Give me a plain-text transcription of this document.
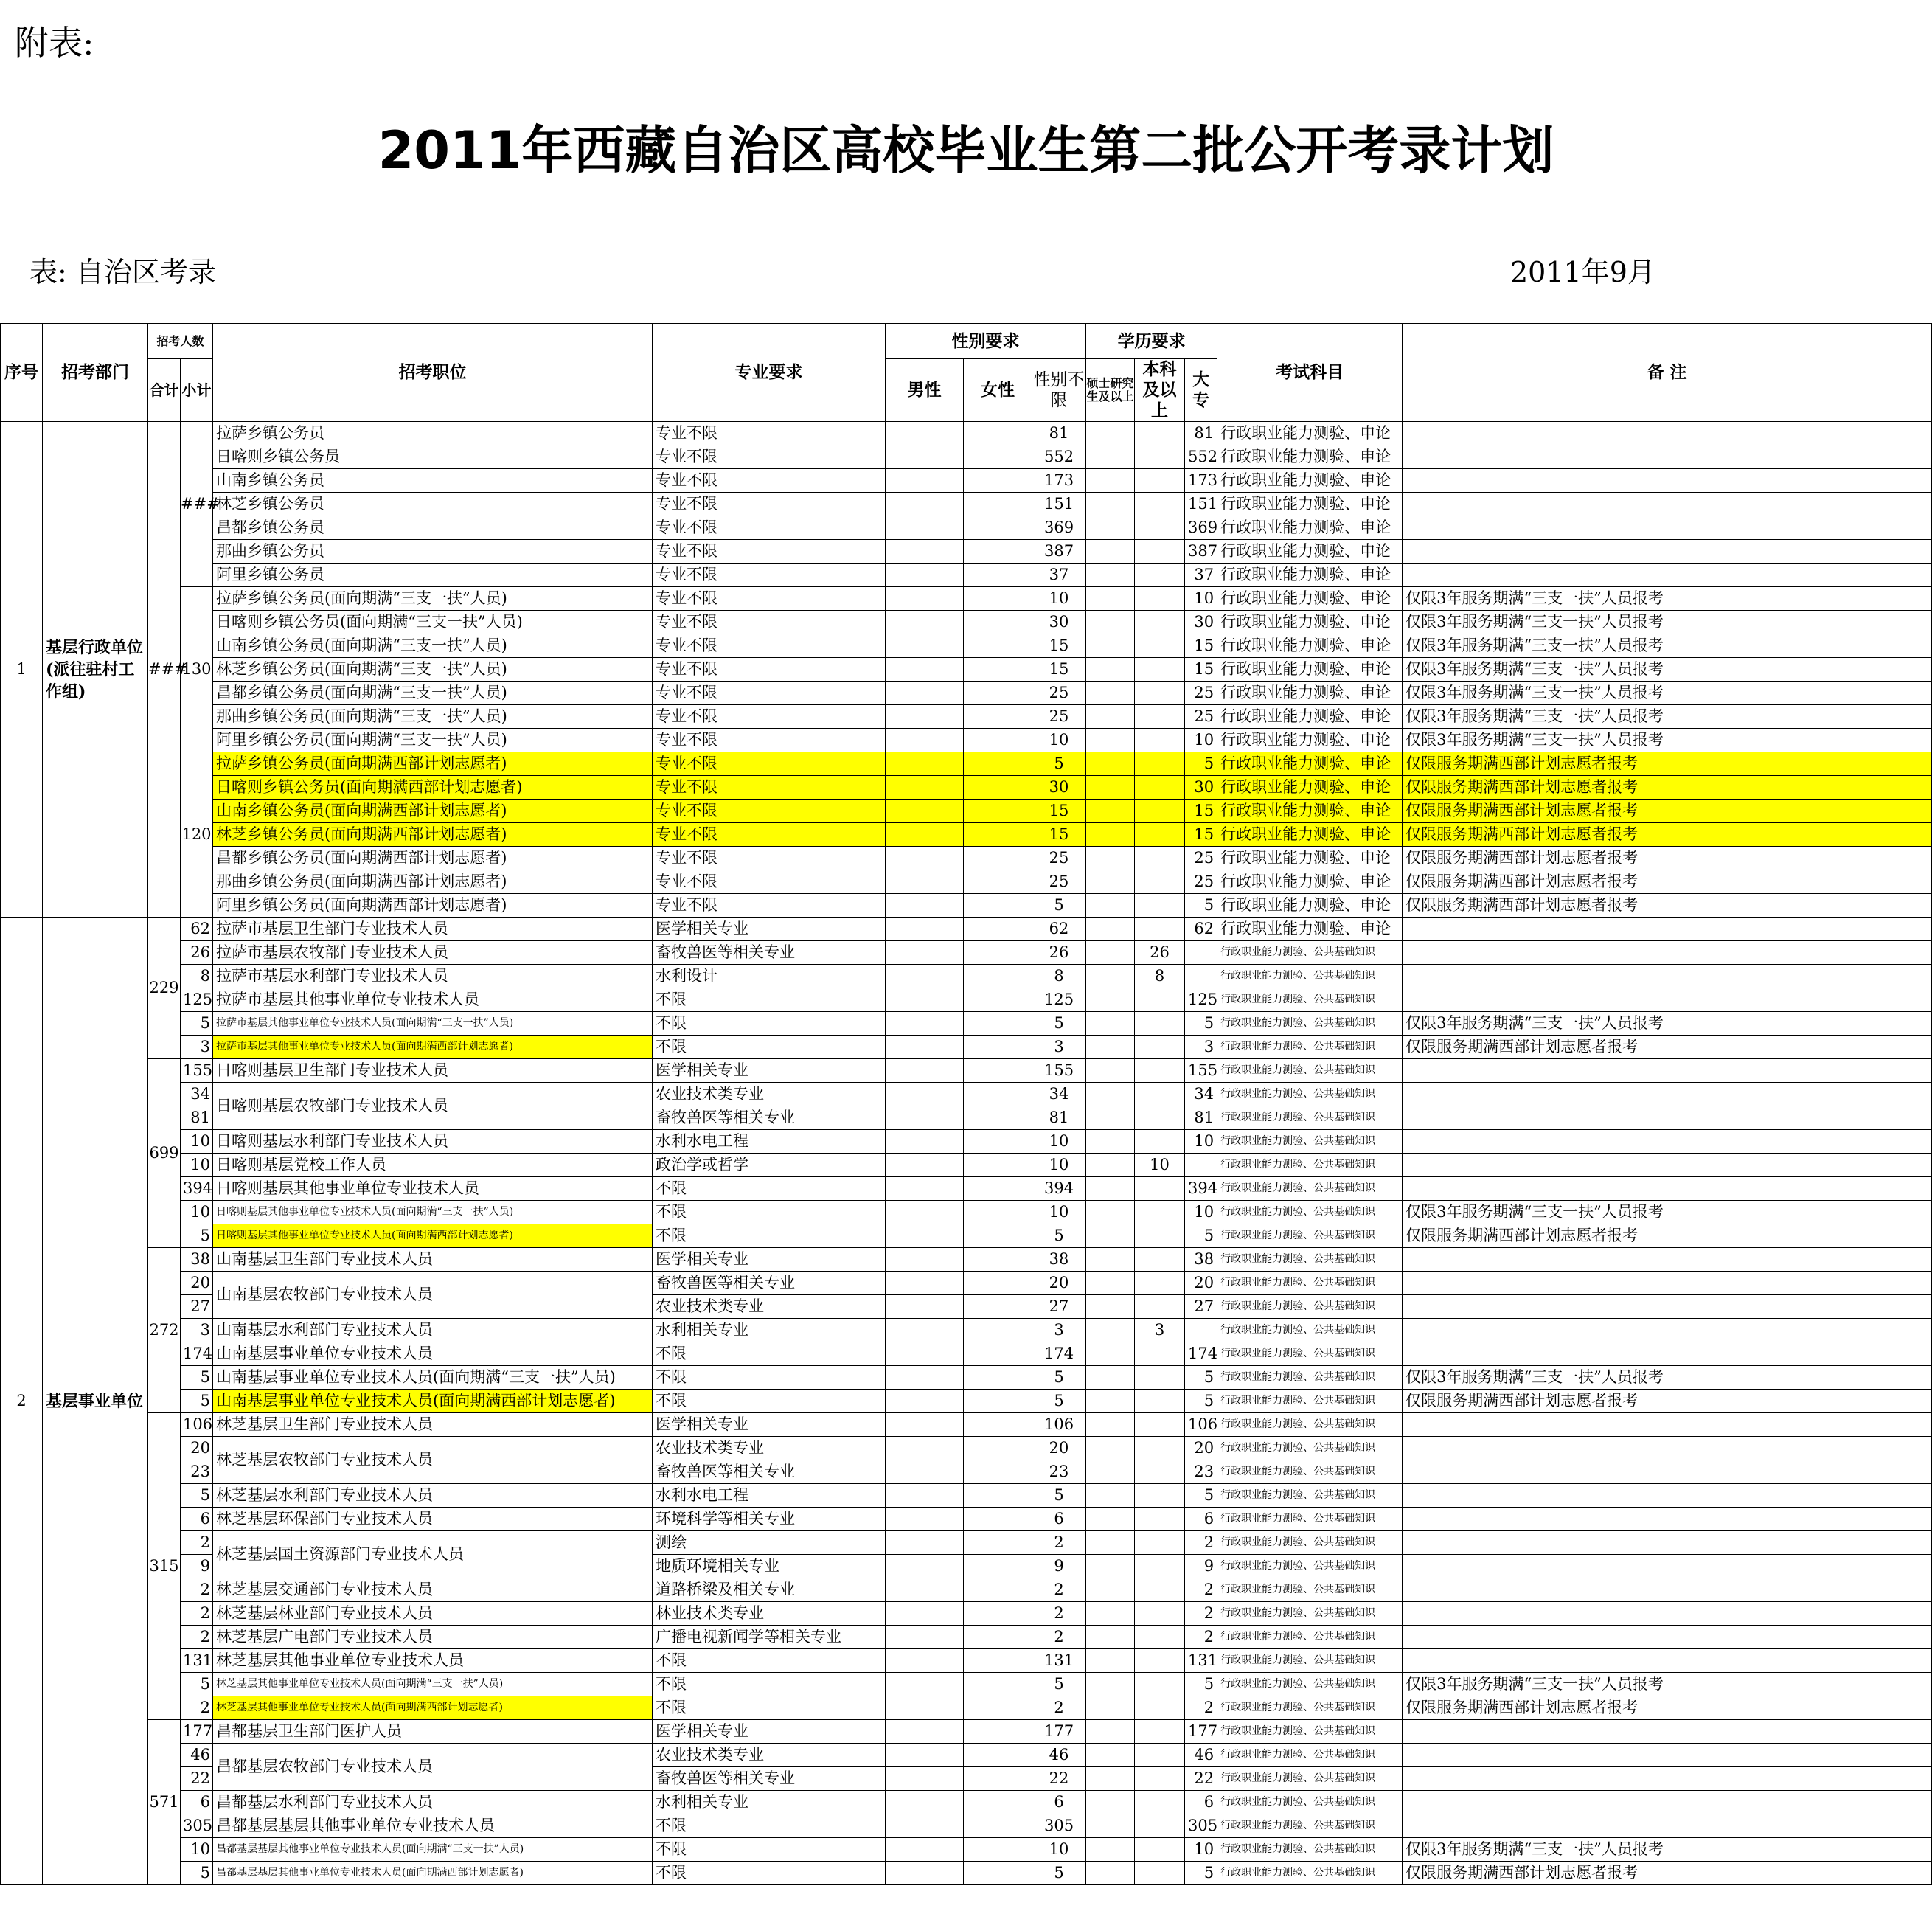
附表:
2011年西藏自治区高校毕业生第二批公开考录计划
表: 自治区考录	2011年9月
序号	招考部门	招考人数		招考职位	专业要求	性别要求			学历要求			考试科目	备 注
		合计	小计			男性	女性	性别不限	硕士研究生及以上	本科及以上	大专		
1	基层行政单位(派往驻村工作组)	###	###	拉萨乡镇公务员	专业不限			81			81	行政职业能力测验、申论	
				日喀则乡镇公务员	专业不限			552			552	行政职业能力测验、申论	
				山南乡镇公务员	专业不限			173			173	行政职业能力测验、申论	
				林芝乡镇公务员	专业不限			151			151	行政职业能力测验、申论	
				昌都乡镇公务员	专业不限			369			369	行政职业能力测验、申论	
				那曲乡镇公务员	专业不限			387			387	行政职业能力测验、申论	
				阿里乡镇公务员	专业不限			37			37	行政职业能力测验、申论	
			130	拉萨乡镇公务员(面向期满“三支一扶”人员)	专业不限			10			10	行政职业能力测验、申论	仅限3年服务期满“三支一扶”人员报考
				日喀则乡镇公务员(面向期满“三支一扶”人员)	专业不限			30			30	行政职业能力测验、申论	仅限3年服务期满“三支一扶”人员报考
				山南乡镇公务员(面向期满“三支一扶”人员)	专业不限			15			15	行政职业能力测验、申论	仅限3年服务期满“三支一扶”人员报考
				林芝乡镇公务员(面向期满“三支一扶”人员)	专业不限			15			15	行政职业能力测验、申论	仅限3年服务期满“三支一扶”人员报考
				昌都乡镇公务员(面向期满“三支一扶”人员)	专业不限			25			25	行政职业能力测验、申论	仅限3年服务期满“三支一扶”人员报考
				那曲乡镇公务员(面向期满“三支一扶”人员)	专业不限			25			25	行政职业能力测验、申论	仅限3年服务期满“三支一扶”人员报考
				阿里乡镇公务员(面向期满“三支一扶”人员)	专业不限			10			10	行政职业能力测验、申论	仅限3年服务期满“三支一扶”人员报考
			120	拉萨乡镇公务员(面向期满西部计划志愿者)	专业不限			5			5	行政职业能力测验、申论	仅限服务期满西部计划志愿者报考
				日喀则乡镇公务员(面向期满西部计划志愿者)	专业不限			30			30	行政职业能力测验、申论	仅限服务期满西部计划志愿者报考
				山南乡镇公务员(面向期满西部计划志愿者)	专业不限			15			15	行政职业能力测验、申论	仅限服务期满西部计划志愿者报考
				林芝乡镇公务员(面向期满西部计划志愿者)	专业不限			15			15	行政职业能力测验、申论	仅限服务期满西部计划志愿者报考
				昌都乡镇公务员(面向期满西部计划志愿者)	专业不限			25			25	行政职业能力测验、申论	仅限服务期满西部计划志愿者报考
				那曲乡镇公务员(面向期满西部计划志愿者)	专业不限			25			25	行政职业能力测验、申论	仅限服务期满西部计划志愿者报考
				阿里乡镇公务员(面向期满西部计划志愿者)	专业不限			5			5	行政职业能力测验、申论	仅限服务期满西部计划志愿者报考
2	基层事业单位	229	62	拉萨市基层卫生部门专业技术人员	医学相关专业			62			62	行政职业能力测验、申论	
			26	拉萨市基层农牧部门专业技术人员	畜牧兽医等相关专业			26		26		行政职业能力测验、公共基础知识	
			8	拉萨市基层水利部门专业技术人员	水利设计			8		8		行政职业能力测验、公共基础知识	
			125	拉萨市基层其他事业单位专业技术人员	不限			125			125	行政职业能力测验、公共基础知识	
			5	拉萨市基层其他事业单位专业技术人员(面向期满“三支一扶”人员)	不限			5			5	行政职业能力测验、公共基础知识	仅限3年服务期满“三支一扶”人员报考
			3	拉萨市基层其他事业单位专业技术人员(面向期满西部计划志愿者)	不限			3			3	行政职业能力测验、公共基础知识	仅限服务期满西部计划志愿者报考
		699	155	日喀则基层卫生部门专业技术人员	医学相关专业			155			155	行政职业能力测验、公共基础知识	
			34	日喀则基层农牧部门专业技术人员	农业技术类专业			34			34	行政职业能力测验、公共基础知识	
			81		畜牧兽医等相关专业			81			81	行政职业能力测验、公共基础知识	
			10	日喀则基层水利部门专业技术人员	水利水电工程			10			10	行政职业能力测验、公共基础知识	
			10	日喀则基层党校工作人员	政治学或哲学			10		10		行政职业能力测验、公共基础知识	
			394	日喀则基层其他事业单位专业技术人员	不限			394			394	行政职业能力测验、公共基础知识	
			10	日喀则基层其他事业单位专业技术人员(面向期满“三支一扶”人员)	不限			10			10	行政职业能力测验、公共基础知识	仅限3年服务期满“三支一扶”人员报考
			5	日喀则基层其他事业单位专业技术人员(面向期满西部计划志愿者)	不限			5			5	行政职业能力测验、公共基础知识	仅限服务期满西部计划志愿者报考
		272	38	山南基层卫生部门专业技术人员	医学相关专业			38			38	行政职业能力测验、公共基础知识	
			20	山南基层农牧部门专业技术人员	畜牧兽医等相关专业			20			20	行政职业能力测验、公共基础知识	
			27		农业技术类专业			27			27	行政职业能力测验、公共基础知识	
			3	山南基层水利部门专业技术人员	水利相关专业			3		3		行政职业能力测验、公共基础知识	
			174	山南基层事业单位专业技术人员	不限			174			174	行政职业能力测验、公共基础知识	
			5	山南基层事业单位专业技术人员(面向期满“三支一扶”人员)	不限			5			5	行政职业能力测验、公共基础知识	仅限3年服务期满“三支一扶”人员报考
			5	山南基层事业单位专业技术人员(面向期满西部计划志愿者)	不限			5			5	行政职业能力测验、公共基础知识	仅限服务期满西部计划志愿者报考
		315	106	林芝基层卫生部门专业技术人员	医学相关专业			106			106	行政职业能力测验、公共基础知识	
			20	林芝基层农牧部门专业技术人员	农业技术类专业			20			20	行政职业能力测验、公共基础知识	
			23		畜牧兽医等相关专业			23			23	行政职业能力测验、公共基础知识	
			5	林芝基层水利部门专业技术人员	水利水电工程			5			5	行政职业能力测验、公共基础知识	
			6	林芝基层环保部门专业技术人员	环境科学等相关专业			6			6	行政职业能力测验、公共基础知识	
			2	林芝基层国土资源部门专业技术人员	测绘			2			2	行政职业能力测验、公共基础知识	
			9		地质环境相关专业			9			9	行政职业能力测验、公共基础知识	
			2	林芝基层交通部门专业技术人员	道路桥梁及相关专业			2			2	行政职业能力测验、公共基础知识	
			2	林芝基层林业部门专业技术人员	林业技术类专业			2			2	行政职业能力测验、公共基础知识	
			2	林芝基层广电部门专业技术人员	广播电视新闻学等相关专业			2			2	行政职业能力测验、公共基础知识	
			131	林芝基层其他事业单位专业技术人员	不限			131			131	行政职业能力测验、公共基础知识	
			5	林芝基层其他事业单位专业技术人员(面向期满“三支一扶”人员)	不限			5			5	行政职业能力测验、公共基础知识	仅限3年服务期满“三支一扶”人员报考
			2	林芝基层其他事业单位专业技术人员(面向期满西部计划志愿者)	不限			2			2	行政职业能力测验、公共基础知识	仅限服务期满西部计划志愿者报考
		571	177	昌都基层卫生部门医护人员	医学相关专业			177			177	行政职业能力测验、公共基础知识	
			46	昌都基层农牧部门专业技术人员	农业技术类专业			46			46	行政职业能力测验、公共基础知识	
			22		畜牧兽医等相关专业			22			22	行政职业能力测验、公共基础知识	
			6	昌都基层水利部门专业技术人员	水利相关专业			6			6	行政职业能力测验、公共基础知识	
			305	昌都基层基层其他事业单位专业技术人员	不限			305			305	行政职业能力测验、公共基础知识	
			10	昌都基层基层其他事业单位专业技术人员(面向期满“三支一扶”人员)	不限			10			10	行政职业能力测验、公共基础知识	仅限3年服务期满“三支一扶”人员报考
			5	昌都基层基层其他事业单位专业技术人员(面向期满西部计划志愿者)	不限			5			5	行政职业能力测验、公共基础知识	仅限服务期满西部计划志愿者报考
